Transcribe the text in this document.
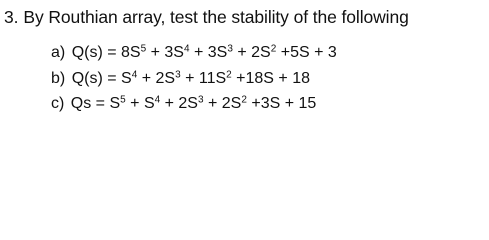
3. By Routhian array, test the stability of the following
a) $Q(s) = 8S^5 + 3S^4 + 3S^3 + 2S^2 +5S + 3$
b) $Q(s) = S^4 + 2S^3 + 11S^2 +18S + 18$
c) $Qs = S^5 + S^4 + 2S^3 + 2S^2 +3S + 15$
